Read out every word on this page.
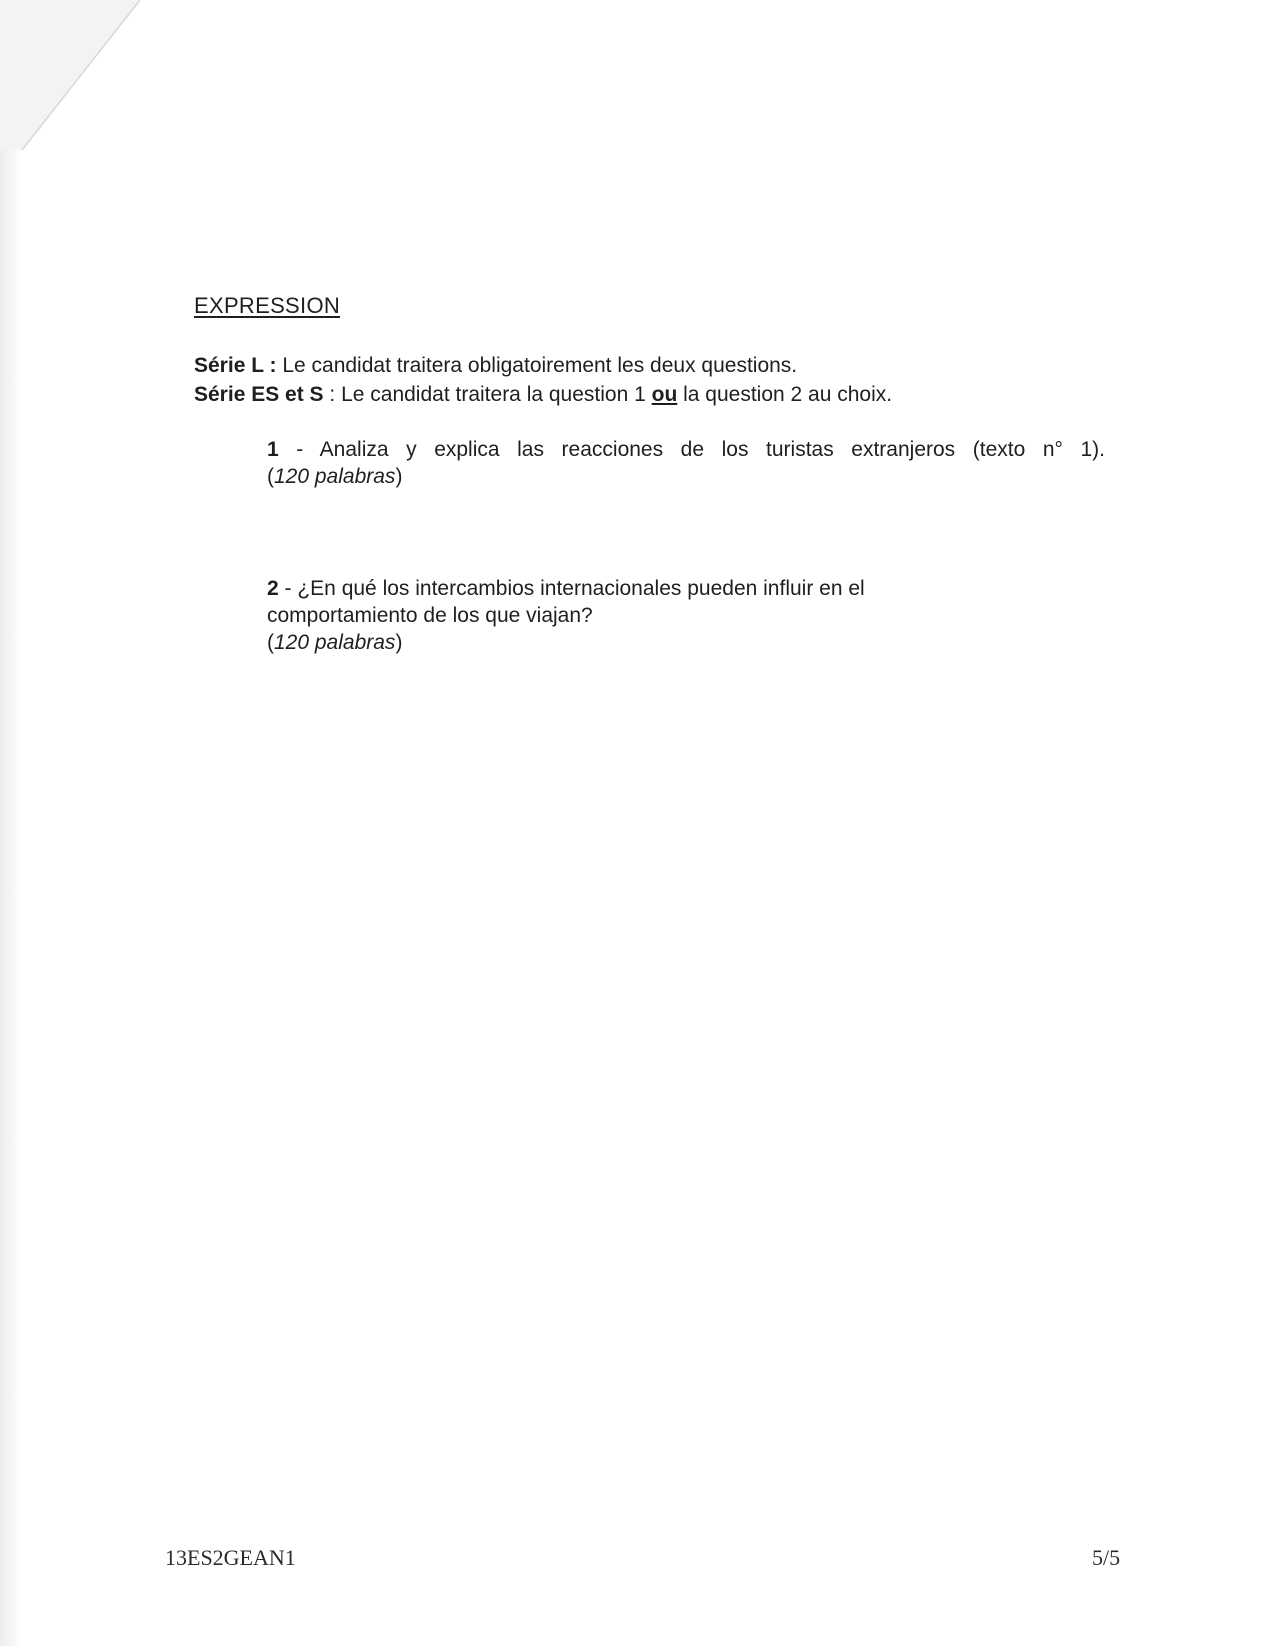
EXPRESSION
Série L : Le candidat traitera obligatoirement les deux questions.
Série ES et S : Le candidat traitera la question 1 ou la question 2 au choix.
1 - Analiza y explica las reacciones de los turistas extranjeros (texto n° 1).
(120 palabras)
2 - ¿En qué los intercambios internacionales pueden influir en el
comportamiento de los que viajan?
(120 palabras)
13ES2GEAN1	5/5
